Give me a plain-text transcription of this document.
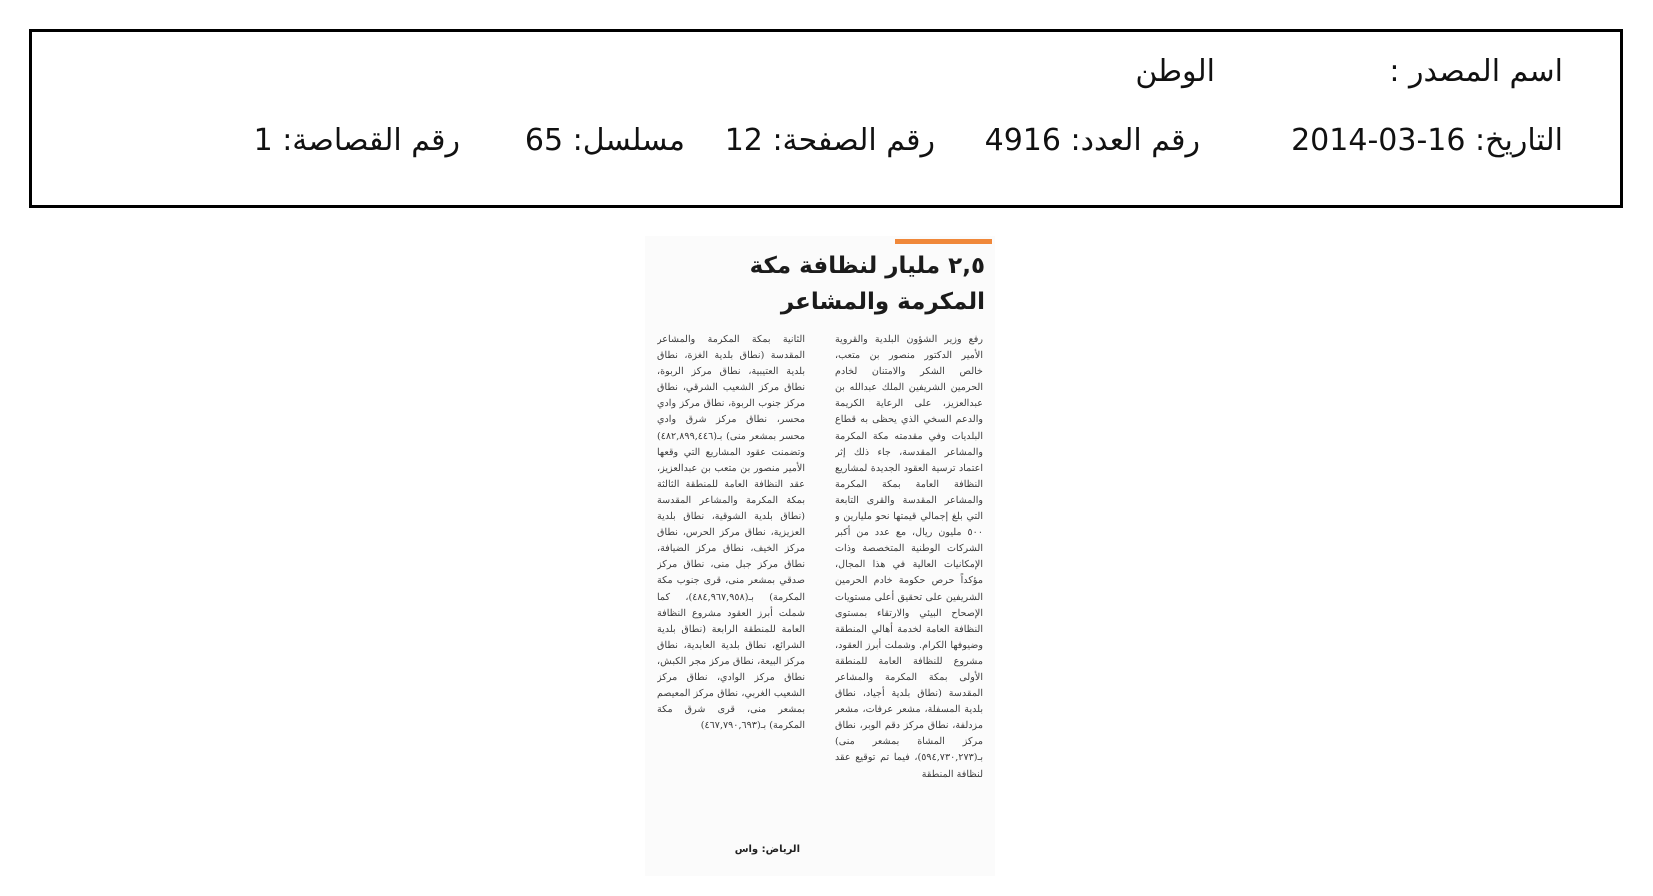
اسم المصدر :
الوطن
التاريخ: 16-03-2014
رقم العدد: 4916
رقم الصفحة: 12
مسلسل: 65
رقم القصاصة: 1
٢,٥ مليار لنظافة مكة المكرمة والمشاعر
رفع وزير الشؤون البلدية والقروية الأمير الدكتور منصور بن متعب، خالص الشكر والامتنان لخادم الحرمين الشريفين الملك عبدالله بن عبدالعزيز، على الرعاية الكريمة والدعم السخي الذي يحظى به قطاع البلديات وفي مقدمته مكة المكرمة والمشاعر المقدسة، جاء ذلك إثر اعتماد ترسية العقود الجديدة لمشاريع النظافة العامة بمكة المكرمة والمشاعر المقدسة والقرى التابعة التي بلغ إجمالي قيمتها نحو مليارين و ٥٠٠ مليون ريال، مع عدد من أكبر الشركات الوطنية المتخصصة وذات الإمكانيات العالية في هذا المجال، مؤكداً حرص حكومة خادم الحرمين الشريفين على تحقيق أعلى مستويات الإصحاح البيئي والارتقاء بمستوى النظافة العامة لخدمة أهالي المنطقة وضيوفها الكرام. وشملت أبرز العقود، مشروع للنظافة العامة للمنطقة الأولى بمكة المكرمة والمشاعر المقدسة (نطاق بلدية أجياد، نطاق بلدية المسفلة، مشعر عرفات، مشعر مزدلفة، نطاق مركز دقم الوبر، نطاق مركز المشاة بمشعر منى) بـ(٥٩٤,٧٣٠,٢٧٣)، فيما تم توقيع عقد لنظافة المنطقة
الثانية بمكة المكرمة والمشاعر المقدسة (نطاق بلدية الغزة، نطاق بلدية العتيبية، نطاق مركز الربوة، نطاق مركز الشعيب الشرقي، نطاق مركز جنوب الربوة، نطاق مركز وادي محسر، نطاق مركز شرق وادي محسر بمشعر منى) بـ(٤٨٢,٨٩٩,٤٤٦) وتضمنت عقود المشاريع التي وقعها الأمير منصور بن متعب بن عبدالعزيز، عقد النظافة العامة للمنطقة الثالثة بمكة المكرمة والمشاعر المقدسة (نطاق بلدية الشوقية، نطاق بلدية العزيزية، نطاق مركز الحرس، نطاق مركز الخيف، نطاق مركز الضيافة، نطاق مركز جبل منى، نطاق مركز صدقي بمشعر منى، قرى جنوب مكة المكرمة) بـ(٤٨٤,٩٦٧,٩٥٨)، كما شملت أبرز العقود مشروع النظافة العامة للمنطقة الرابعة (نطاق بلدية الشرائع، نطاق بلدية العابدية، نطاق مركز البيعة، نطاق مركز مجر الكبش، نطاق مركز الوادي، نطاق مركز الشعيب الغربي، نطاق مركز المعيصم بمشعر منى، قرى شرق مكة المكرمة) بـ(٤٦٧,٧٩٠,٦٩٣)
الرياض: واس
